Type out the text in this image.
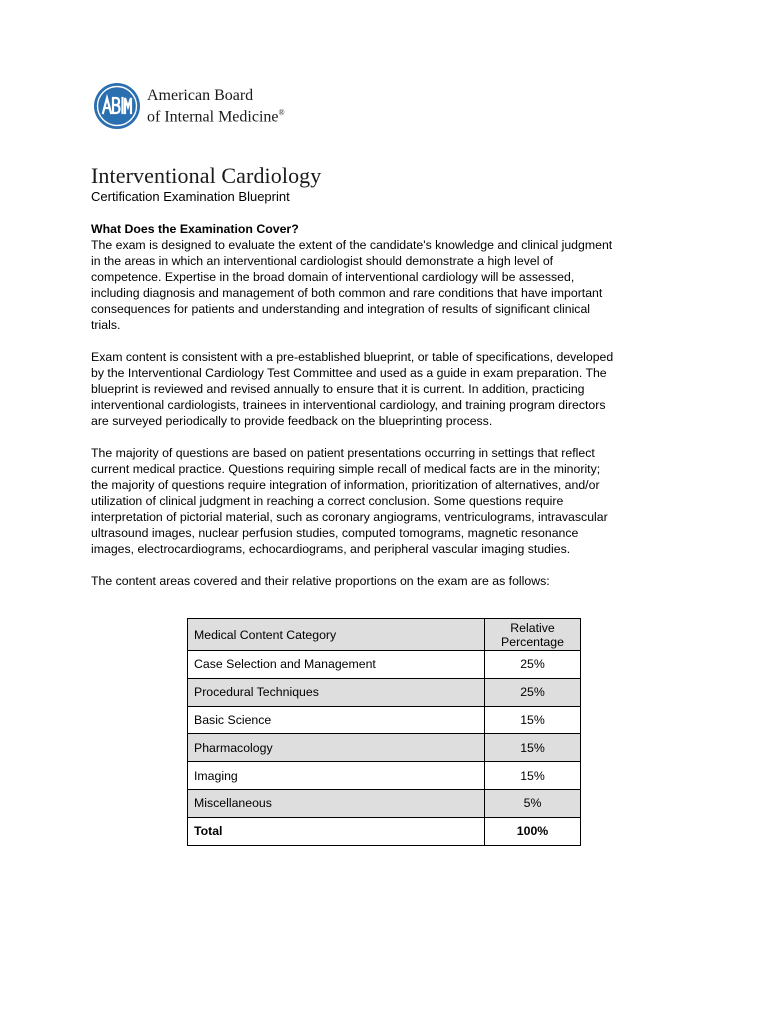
American Board
of Internal Medicine®
Interventional Cardiology

Certification Examination Blueprint

What Does the Examination Cover?

The exam is designed to evaluate the extent of the candidate's knowledge and clinical judgment
in the areas in which an interventional cardiologist should demonstrate a high level of
competence. Expertise in the broad domain of interventional cardiology will be assessed,
including diagnosis and management of both common and rare conditions that have important
consequences for patients and understanding and integration of results of significant clinical
trials.

Exam content is consistent with a pre-established blueprint, or table of specifications, developed
by the Interventional Cardiology Test Committee and used as a guide in exam preparation. The
blueprint is reviewed and revised annually to ensure that it is current. In addition, practicing
interventional cardiologists, trainees in interventional cardiology, and training program directors
are surveyed periodically to provide feedback on the blueprinting process.

The majority of questions are based on patient presentations occurring in settings that reflect
current medical practice. Questions requiring simple recall of medical facts are in the minority;
the majority of questions require integration of information, prioritization of alternatives, and/or
utilization of clinical judgment in reaching a correct conclusion. Some questions require
interpretation of pictorial material, such as coronary angiograms, ventriculograms, intravascular
ultrasound images, nuclear perfusion studies, computed tomograms, magnetic resonance
images, electrocardiograms, echocardiograms, and peripheral vascular imaging studies.

The content areas covered and their relative proportions on the exam are as follows:

Medical Content Category	Relative
Percentage
Case Selection and Management	25%
Procedural Techniques	25%
Basic Science	15%
Pharmacology	15%
Imaging	15%
Miscellaneous	5%
Total	100%
